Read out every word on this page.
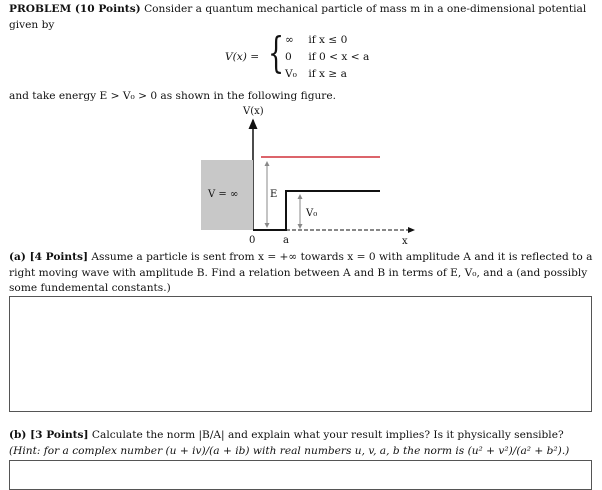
PROBLEM (10 Points) Consider a quantum mechanical particle of mass m in a one-dimensional potential given by
V(x) = { ∞ if x ≤ 0
0 if 0 < x < a
V₀ if x ≥ a
and take energy E > V₀ > 0 as shown in the following figure.
V(x)
V = ∞	E
V₀
x
0	a
(a) [4 Points] Assume a particle is sent from x = +∞ towards x = 0 with amplitude A and it is reflected to a right moving wave with amplitude B. Find a relation between A and B in terms of E, V₀, and a (and possibly some fundemental constants.)
(b) [3 Points] Calculate the norm |B/A| and explain what your result implies? Is it physically sensible? (Hint: for a complex number (u + iv)/(a + ib) with real numbers u, v, a, b the norm is (u² + v²)/(a² + b²).)
